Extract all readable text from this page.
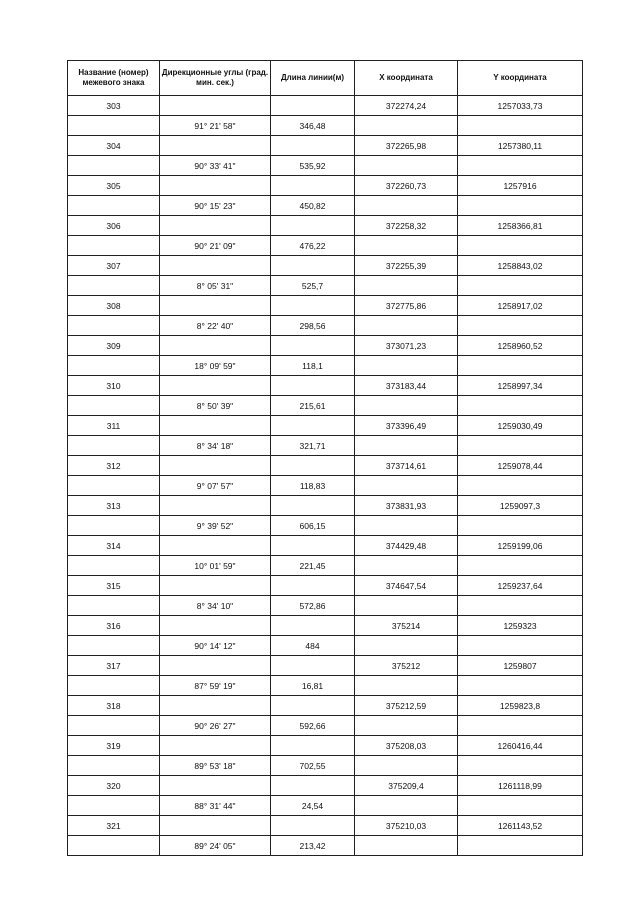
Название (номер) межевого знака	Дирекционные углы (град. мин. сек.)	Длина линии(м)	X координата	Y координата
303			372274,24	1257033,73
	91° 21' 58"	346,48		
304			372265,98	1257380,11
	90° 33' 41"	535,92		
305			372260,73	1257916
	90° 15' 23"	450,82		
306			372258,32	1258366,81
	90° 21' 09"	476,22		
307			372255,39	1258843,02
	8° 05' 31"	525,7		
308			372775,86	1258917,02
	8° 22' 40"	298,56		
309			373071,23	1258960,52
	18° 09' 59"	118,1		
310			373183,44	1258997,34
	8° 50' 39"	215,61		
311			373396,49	1259030,49
	8° 34' 18"	321,71		
312			373714,61	1259078,44
	9° 07' 57"	118,83		
313			373831,93	1259097,3
	9° 39' 52"	606,15		
314			374429,48	1259199,06
	10° 01' 59"	221,45		
315			374647,54	1259237,64
	8° 34' 10"	572,86		
316			375214	1259323
	90° 14' 12"	484		
317			375212	1259807
	87° 59' 19"	16,81		
318			375212,59	1259823,8
	90° 26' 27"	592,66		
319			375208,03	1260416,44
	89° 53' 18"	702,55		
320			375209,4	1261118,99
	88° 31' 44"	24,54		
321			375210,03	1261143,52
	89° 24' 05"	213,42		
